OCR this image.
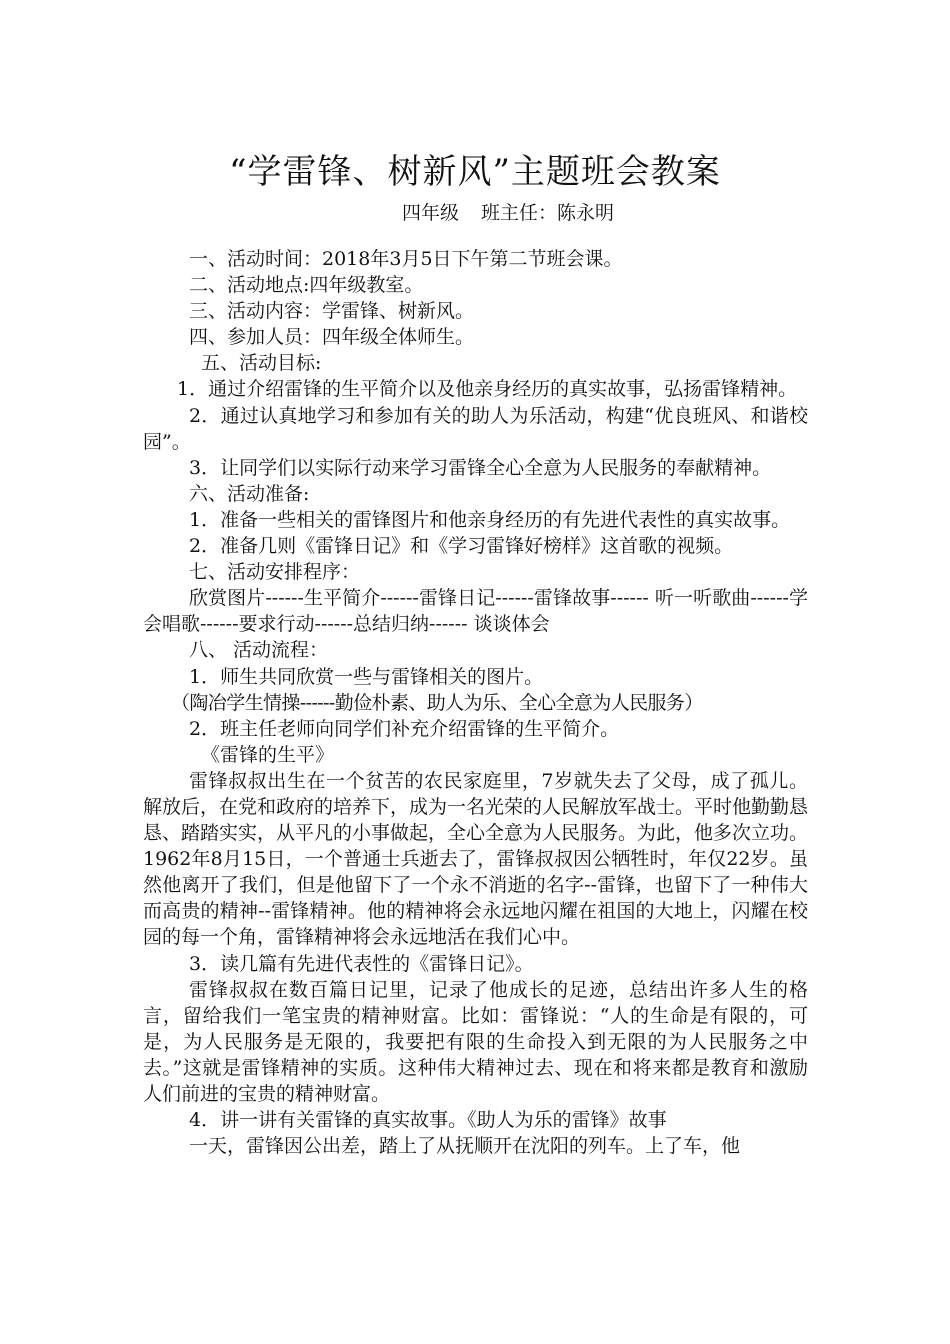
“学雷锋、树新风”主题班会教案
四年级 班主任：陈永明

一、活动时间：2018年3月5日下午第二节班会课。

二、活动地点:四年级教室。

三、活动内容：学雷锋、树新风。

四、参加人员：四年级全体师生。

五、活动目标:

1．通过介绍雷锋的生平简介以及他亲身经历的真实故事，弘扬雷锋精神。

2．通过认真地学习和参加有关的助人为乐活动，构建“优良班风、和谐校园”。

3．让同学们以实际行动来学习雷锋全心全意为人民服务的奉献精神。

六、活动准备:

1．准备一些相关的雷锋图片和他亲身经历的有先进代表性的真实故事。

2．准备几则《雷锋日记》和《学习雷锋好榜样》这首歌的视频。

七、活动安排程序：

欣赏图片------生平简介------雷锋日记------雷锋故事------ 听一听歌曲------学会唱歌------要求行动------总结归纳------ 谈谈体会

八、 活动流程：

1．师生共同欣赏一些与雷锋相关的图片。

（陶冶学生情操------勤俭朴素、助人为乐、全心全意为人民服务）

2．班主任老师向同学们补充介绍雷锋的生平简介。

《雷锋的生平》

雷锋叔叔出生在一个贫苦的农民家庭里，7岁就失去了父母，成了孤儿。解放后，在党和政府的培养下，成为一名光荣的人民解放军战士。平时他勤勤恳恳、踏踏实实，从平凡的小事做起，全心全意为人民服务。为此，他多次立功。1962年8月15日，一个普通士兵逝去了，雷锋叔叔因公牺牲时，年仅22岁。虽然他离开了我们，但是他留下了一个永不消逝的名字--雷锋，也留下了一种伟大而高贵的精神--雷锋精神。他的精神将会永远地闪耀在祖国的大地上，闪耀在校园的每一个角，雷锋精神将会永远地活在我们心中。

3．读几篇有先进代表性的《雷锋日记》。

雷锋叔叔在数百篇日记里，记录了他成长的足迹，总结出许多人生的格言，留给我们一笔宝贵的精神财富。比如：雷锋说：“人的生命是有限的，可是，为人民服务是无限的，我要把有限的生命投入到无限的为人民服务之中去。”这就是雷锋精神的实质。这种伟大精神过去、现在和将来都是教育和激励人们前进的宝贵的精神财富。

4．讲一讲有关雷锋的真实故事。《助人为乐的雷锋》故事

一天，雷锋因公出差，踏上了从抚顺开在沈阳的列车。上了车，他
